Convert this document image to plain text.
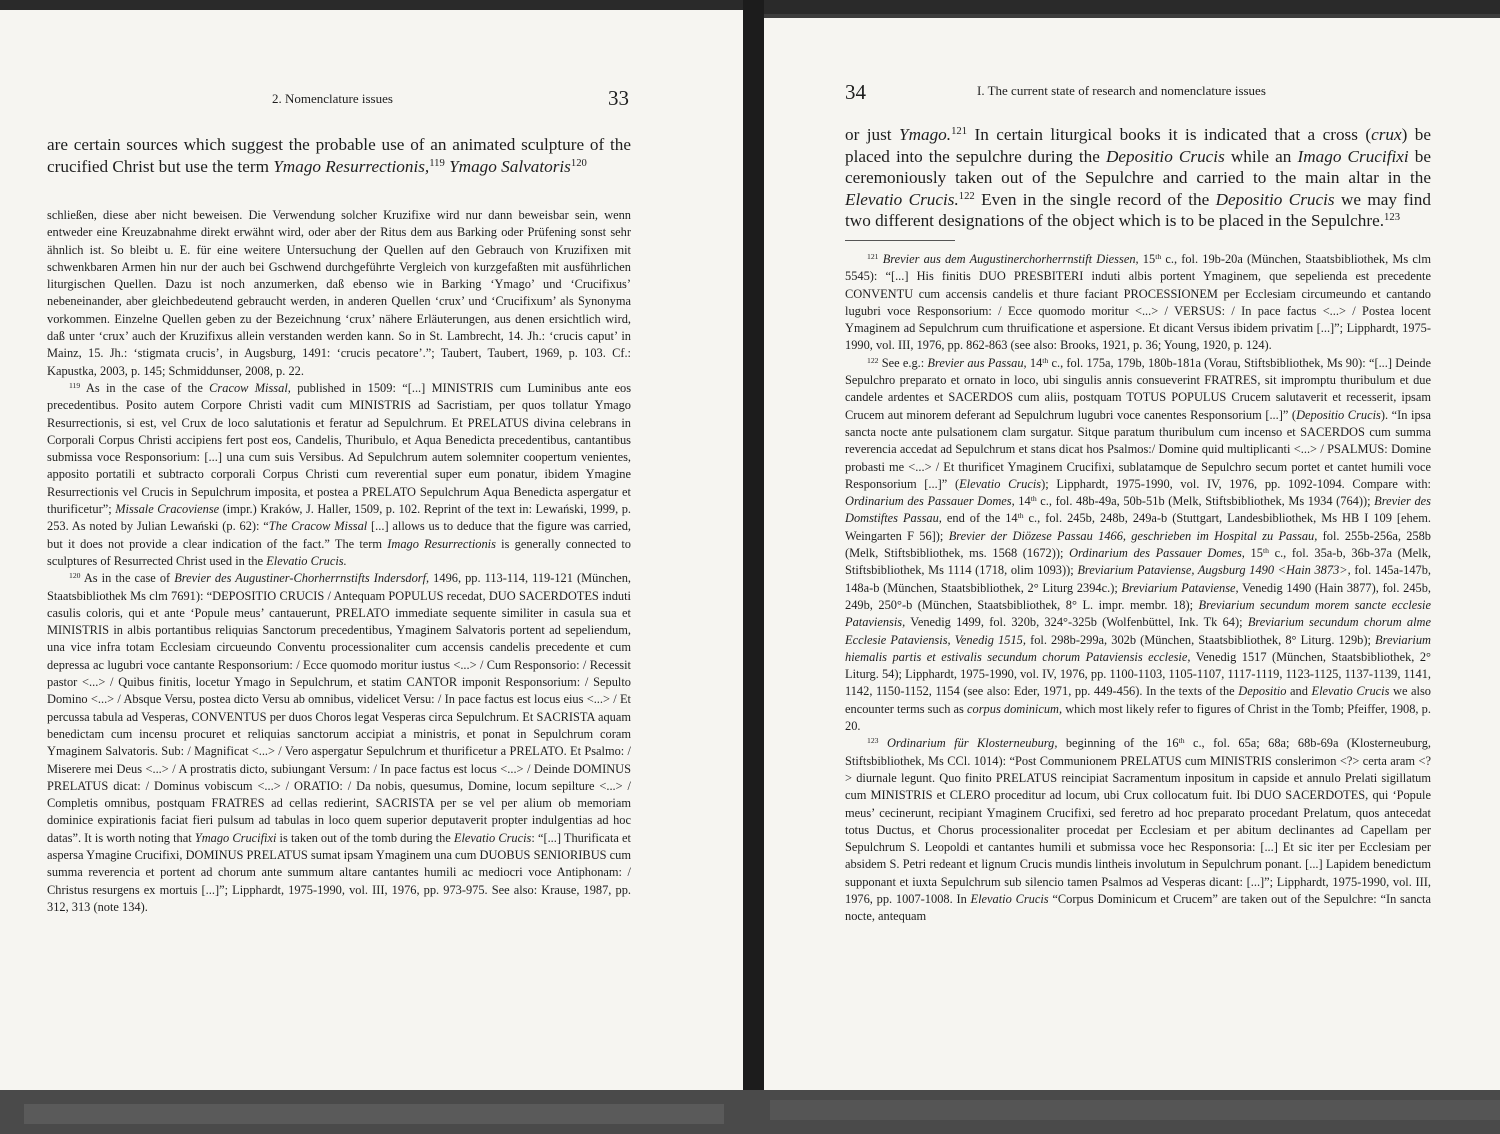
2. Nomenclature issues	33

are certain sources which suggest the probable use of an animated sculpture of the crucified Christ but use the term Ymago Resurrectionis,$^{119}$ Ymago Salvatoris$^{120}$

schließen, diese aber nicht beweisen. Die Verwendung solcher Kruzifixe wird nur dann beweisbar sein, wenn entweder eine Kreuzabnahme direkt erwähnt wird, oder aber der Ritus dem aus Barking oder Prüfening sonst sehr ähnlich ist. So bleibt u. E. für eine weitere Untersuchung der Quellen auf den Gebrauch von Kruzifixen mit schwenkbaren Armen hin nur der auch bei Gschwend durchgeführte Vergleich von kurzgefaßten mit ausführlichen liturgischen Quellen. Dazu ist noch anzumerken, daß ebenso wie in Barking ‘Ymago’ und ‘Crucifixus’ nebeneinander, aber gleichbedeutend gebraucht werden, in anderen Quellen ‘crux’ und ‘Crucifixum’ als Synonyma vorkommen. Einzelne Quellen geben zu der Bezeichnung ‘crux’ nähere Erläuterungen, aus denen ersichtlich wird, daß unter ‘crux’ auch der Kruzifixus allein verstanden werden kann. So in St. Lambrecht, 14. Jh.: ‘crucis caput’ in Mainz, 15. Jh.: ‘stigmata crucis’, in Augsburg, 1491: ‘crucis pecatore’.”; Taubert, Taubert, 1969, p. 103. Cf.: Kapustka, 2003, p. 145; Schmiddunser, 2008, p. 22.

$^{119}$ As in the case of the Cracow Missal, published in 1509: “[...] MINISTRIS cum Luminibus ante eos precedentibus. Posito autem Corpore Christi vadit cum MINISTRIS ad Sacristiam, per quos tollatur Ymago Resurrectionis, si est, vel Crux de loco salutationis et feratur ad Sepulchrum. Et PRELATUS divina celebrans in Corporali Corpus Christi accipiens fert post eos, Candelis, Thuribulo, et Aqua Benedicta precedentibus, cantantibus submissa voce Responsorium: [...] una cum suis Versibus. Ad Sepulchrum autem solemniter coopertum venientes, apposito portatili et subtracto corporali Corpus Christi cum reverential super eum ponatur, ibidem Ymagine Resurrectionis vel Crucis in Sepulchrum imposita, et postea a PRELATO Sepulchrum Aqua Benedicta aspergatur et thurificetur”; Missale Cracoviense (impr.) Kraków, J. Haller, 1509, p. 102. Reprint of the text in: Lewański, 1999, p. 253. As noted by Julian Lewański (p. 62): “The Cracow Missal [...] allows us to deduce that the figure was carried, but it does not provide a clear indication of the fact.” The term Imago Resurrectionis is generally connected to sculptures of Resurrected Christ used in the Elevatio Crucis.

$^{120}$ As in the case of Brevier des Augustiner-Chorherrnstifts Indersdorf, 1496, pp. 113-114, 119-121 (München, Staatsbibliothek Ms clm 7691): “DEPOSITIO CRUCIS / Antequam POPULUS recedat, DUO SACERDOTES induti casulis coloris, qui et ante ‘Popule meus’ cantauerunt, PRELATO immediate sequente similiter in casula sua et MINISTRIS in albis portantibus reliquias Sanctorum precedentibus, Ymaginem Salvatoris portent ad sepeliendum, una vice infra totam Ecclesiam circueundo Conventu processionaliter cum accensis candelis precedente et cum depressa ac lugubri voce cantante Responsorium: / Ecce quomodo moritur iustus <...> / Cum Responsorio: / Recessit pastor <...> / Quibus finitis, locetur Ymago in Sepulchrum, et statim CANTOR imponit Responsorium: / Sepulto Domino <...> / Absque Versu, postea dicto Versu ab omnibus, videlicet Versu: / In pace factus est locus eius <...> / Et percussa tabula ad Vesperas, CONVENTUS per duos Choros legat Vesperas circa Sepulchrum. Et SACRISTA aquam benedictam cum incensu procuret et reliquias sanctorum accipiat a ministris, et ponat in Sepulchrum coram Ymaginem Salvatoris. Sub: / Magnificat <...> / Vero aspergatur Sepulchrum et thurificetur a PRELATO. Et Psalmo: / Miserere mei Deus <...> / A prostratis dicto, subiungant Versum: / In pace factus est locus <...> / Deinde DOMINUS PRELATUS dicat: / Dominus vobiscum <...> / ORATIO: / Da nobis, quesumus, Domine, locum sepilture <...> / Completis omnibus, postquam FRATRES ad cellas redierint, SACRISTA per se vel per alium ob memoriam dominice expirationis faciat fieri pulsum ad tabulas in loco quem superior deputaverit propter indulgentias ad hoc datas”. It is worth noting that Ymago Crucifixi is taken out of the tomb during the Elevatio Crucis: “[...] Thurificata et aspersa Ymagine Crucifixi, DOMINUS PRELATUS sumat ipsam Ymaginem una cum DUOBUS SENIORIBUS cum summa reverencia et portent ad chorum ante summum altare cantantes humili ac mediocri voce Antiphonam: / Christus resurgens ex mortuis [...]”; Lipphardt, 1975-1990, vol. III, 1976, pp. 973-975. See also: Krause, 1987, pp. 312, 313 (note 134).

34	I. The current state of research and nomenclature issues

or just Ymago.$^{121}$ In certain liturgical books it is indicated that a cross (crux) be placed into the sepulchre during the Depositio Crucis while an Imago Crucifixi be ceremoniously taken out of the Sepulchre and carried to the main altar in the Elevatio Crucis.$^{122}$ Even in the single record of the Depositio Crucis we may find two different designations of the object which is to be placed in the Sepulchre.$^{123}$

$^{121}$ Brevier aus dem Augustinerchorherrnstift Diessen, 15th c., fol. 19b-20a (München, Staatsbibliothek, Ms clm 5545): “[...] His finitis DUO PRESBITERI induti albis portent Ymaginem, que sepelienda est precedente CONVENTU cum accensis candelis et thure faciant PROCESSIONEM per Ecclesiam circumeundo et cantando lugubri voce Responsorium: / Ecce quomodo moritur <...> / VERSUS: / In pace factus <...> / Postea locent Ymaginem ad Sepulchrum cum thruificatione et aspersione. Et dicant Versus ibidem privatim [...]”; Lipphardt, 1975-1990, vol. III, 1976, pp. 862-863 (see also: Brooks, 1921, p. 36; Young, 1920, p. 124).

$^{122}$ See e.g.: Brevier aus Passau, 14th c., fol. 175a, 179b, 180b-181a (Vorau, Stiftsbibliothek, Ms 90): “[...] Deinde Sepulchro preparato et ornato in loco, ubi singulis annis consueverint FRATRES, sit impromptu thuribulum et due candele ardentes et SACERDOS cum aliis, postquam TOTUS POPULUS Crucem salutaverit et recesserit, ipsam Crucem aut minorem deferant ad Sepulchrum lugubri voce canentes Responsorium [...]” (Depositio Crucis). “In ipsa sancta nocte ante pulsationem clam surgatur. Sitque paratum thuribulum cum incenso et SACERDOS cum summa reverencia accedat ad Sepulchrum et stans dicat hos Psalmos:/ Domine quid multiplicanti <...> / PSALMUS: Domine probasti me <...> / Et thurificet Ymaginem Crucifixi, sublatamque de Sepulchro secum portet et cantet humili voce Responsorium [...]” (Elevatio Crucis); Lipphardt, 1975-1990, vol. IV, 1976, pp. 1092-1094. Compare with: Ordinarium des Passauer Domes, 14th c., fol. 48b-49a, 50b-51b (Melk, Stiftsbibliothek, Ms 1934 (764)); Brevier des Domstiftes Passau, end of the 14th c., fol. 245b, 248b, 249a-b (Stuttgart, Landesbibliothek, Ms HB I 109 [ehem. Weingarten F 56]); Brevier der Diözese Passau 1466, geschrieben im Hospital zu Passau, fol. 255b-256a, 258b (Melk, Stiftsbibliothek, ms. 1568 (1672)); Ordinarium des Passauer Domes, 15th c., fol. 35a-b, 36b-37a (Melk, Stiftsbibliothek, Ms 1114 (1718, olim 1093)); Breviarium Pataviense, Augsburg 1490 <Hain 3873>, fol. 145a-147b, 148a-b (München, Staatsbibliothek, 2° Liturg 2394c.); Breviarium Pataviense, Venedig 1490 (Hain 3877), fol. 245b, 249b, 250°-b (München, Staatsbibliothek, 8° L. impr. membr. 18); Breviarium secundum morem sancte ecclesie Pataviensis, Venedig 1499, fol. 320b, 324°-325b (Wolfenbüttel, Ink. Tk 64); Breviarium secundum chorum alme Ecclesie Pataviensis, Venedig 1515, fol. 298b-299a, 302b (München, Staatsbibliothek, 8° Liturg. 129b); Breviarium hiemalis partis et estivalis secundum chorum Pataviensis ecclesie, Venedig 1517 (München, Staatsbibliothek, 2° Liturg. 54); Lipphardt, 1975-1990, vol. IV, 1976, pp. 1100-1103, 1105-1107, 1117-1119, 1123-1125, 1137-1139, 1141, 1142, 1150-1152, 1154 (see also: Eder, 1971, pp. 449-456). In the texts of the Depositio and Elevatio Crucis we also encounter terms such as corpus dominicum, which most likely refer to figures of Christ in the Tomb; Pfeiffer, 1908, p. 20.

$^{123}$ Ordinarium für Klosterneuburg, beginning of the 16th c., fol. 65a; 68a; 68b-69a (Klosterneuburg, Stiftsbibliothek, Ms CCl. 1014): “Post Communionem PRELATUS cum MINISTRIS conslerimon <?> certa aram <?> diurnale legunt. Quo finito PRELATUS reincipiat Sacramentum inpositum in capside et annulo Prelati sigillatum cum MINISTRIS et CLERO proceditur ad locum, ubi Crux collocatum fuit. Ibi DUO SACERDOTES, qui ‘Popule meus’ cecinerunt, recipiant Ymaginem Crucifixi, sed feretro ad hoc preparato procedant Prelatum, quos antecedat totus Ductus, et Chorus processionaliter procedat per Ecclesiam et per abitum declinantes ad Capellam per Sepulchrum S. Leopoldi et cantantes humili et submissa voce hec Responsoria: [...] Et sic iter per Ecclesiam per absidem S. Petri redeant et lignum Crucis mundis lintheis involutum in Sepulchrum ponant. [...] Lapidem benedictum supponant et iuxta Sepulchrum sub silencio tamen Psalmos ad Vesperas dicant: [...]”; Lipphardt, 1975-1990, vol. III, 1976, pp. 1007-1008. In Elevatio Crucis “Corpus Dominicum et Crucem” are taken out of the Sepulchre: “In sancta nocte, antequam
